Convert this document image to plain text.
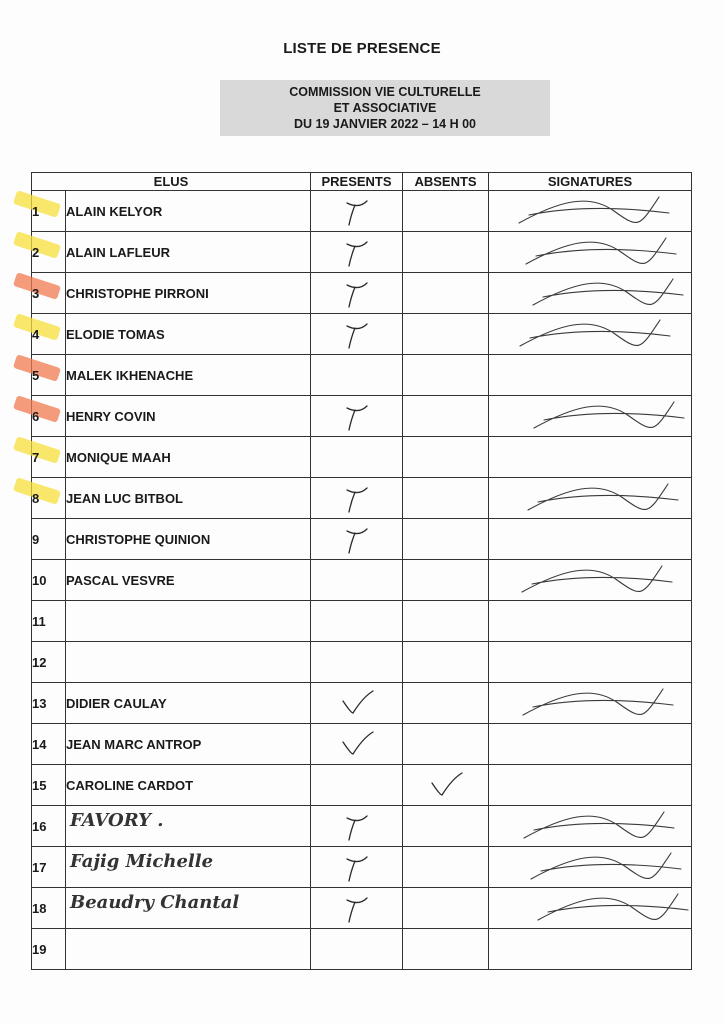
LISTE DE PRESENCE
COMMISSION VIE CULTURELLE
ET ASSOCIATIVE
DU 19 JANVIER 2022 – 14 H 00
ELUS		PRESENTS	ABSENTS	SIGNATURES

1	ALAIN KELYOR	

2	ALAIN LAFLEUR	

3	CHRISTOPHE PIRRONI	

4	ELODIE TOMAS	

5	MALEK IKHENACHE			

6	HENRY COVIN	

7	MONIQUE MAAH			

8	JEAN LUC BITBOL	

9	CHRISTOPHE QUINION	

10	PASCAL VESVRE			

11				
12				
13	DIDIER CAULAY	

14	JEAN MARC ANTROP	

15	CAROLINE CARDOT		

16	FAVORY .

17	Fajig Michelle

18	Beaudry Chantal

19				
